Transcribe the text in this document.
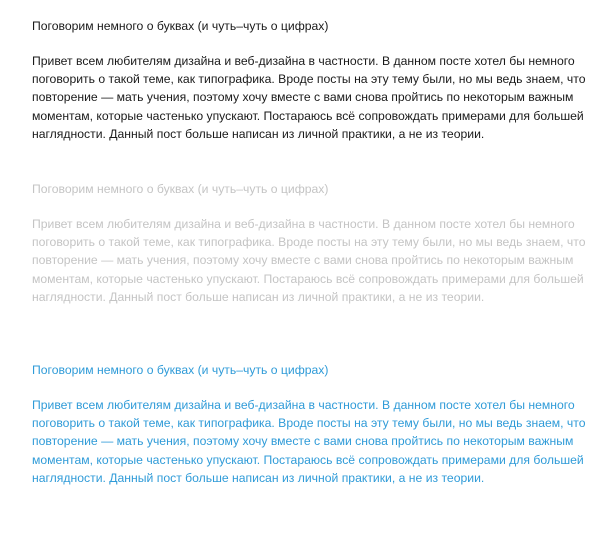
Поговорим немного о буквах (и чуть–чуть о цифрах)

Привет всем любителям дизайна и веб-дизайна в частности. В данном посте хотел бы немного
поговорить о такой теме, как типографика. Вроде посты на эту тему были, но мы ведь знаем, что
повторение — мать учения, поэтому хочу вместе с вами снова пройтись по некоторым важным
моментам, которые частенько упускают. Постараюсь всё сопровождать примерами для большей
наглядности. Данный пост больше написан из личной практики, а не из теории.

Поговорим немного о буквах (и чуть–чуть о цифрах)

Привет всем любителям дизайна и веб-дизайна в частности. В данном посте хотел бы немного
поговорить о такой теме, как типографика. Вроде посты на эту тему были, но мы ведь знаем, что
повторение — мать учения, поэтому хочу вместе с вами снова пройтись по некоторым важным
моментам, которые частенько упускают. Постараюсь всё сопровождать примерами для большей
наглядности. Данный пост больше написан из личной практики, а не из теории.

Поговорим немного о буквах (и чуть–чуть о цифрах)

Привет всем любителям дизайна и веб-дизайна в частности. В данном посте хотел бы немного
поговорить о такой теме, как типографика. Вроде посты на эту тему были, но мы ведь знаем, что
повторение — мать учения, поэтому хочу вместе с вами снова пройтись по некоторым важным
моментам, которые частенько упускают. Постараюсь всё сопровождать примерами для большей
наглядности. Данный пост больше написан из личной практики, а не из теории.
